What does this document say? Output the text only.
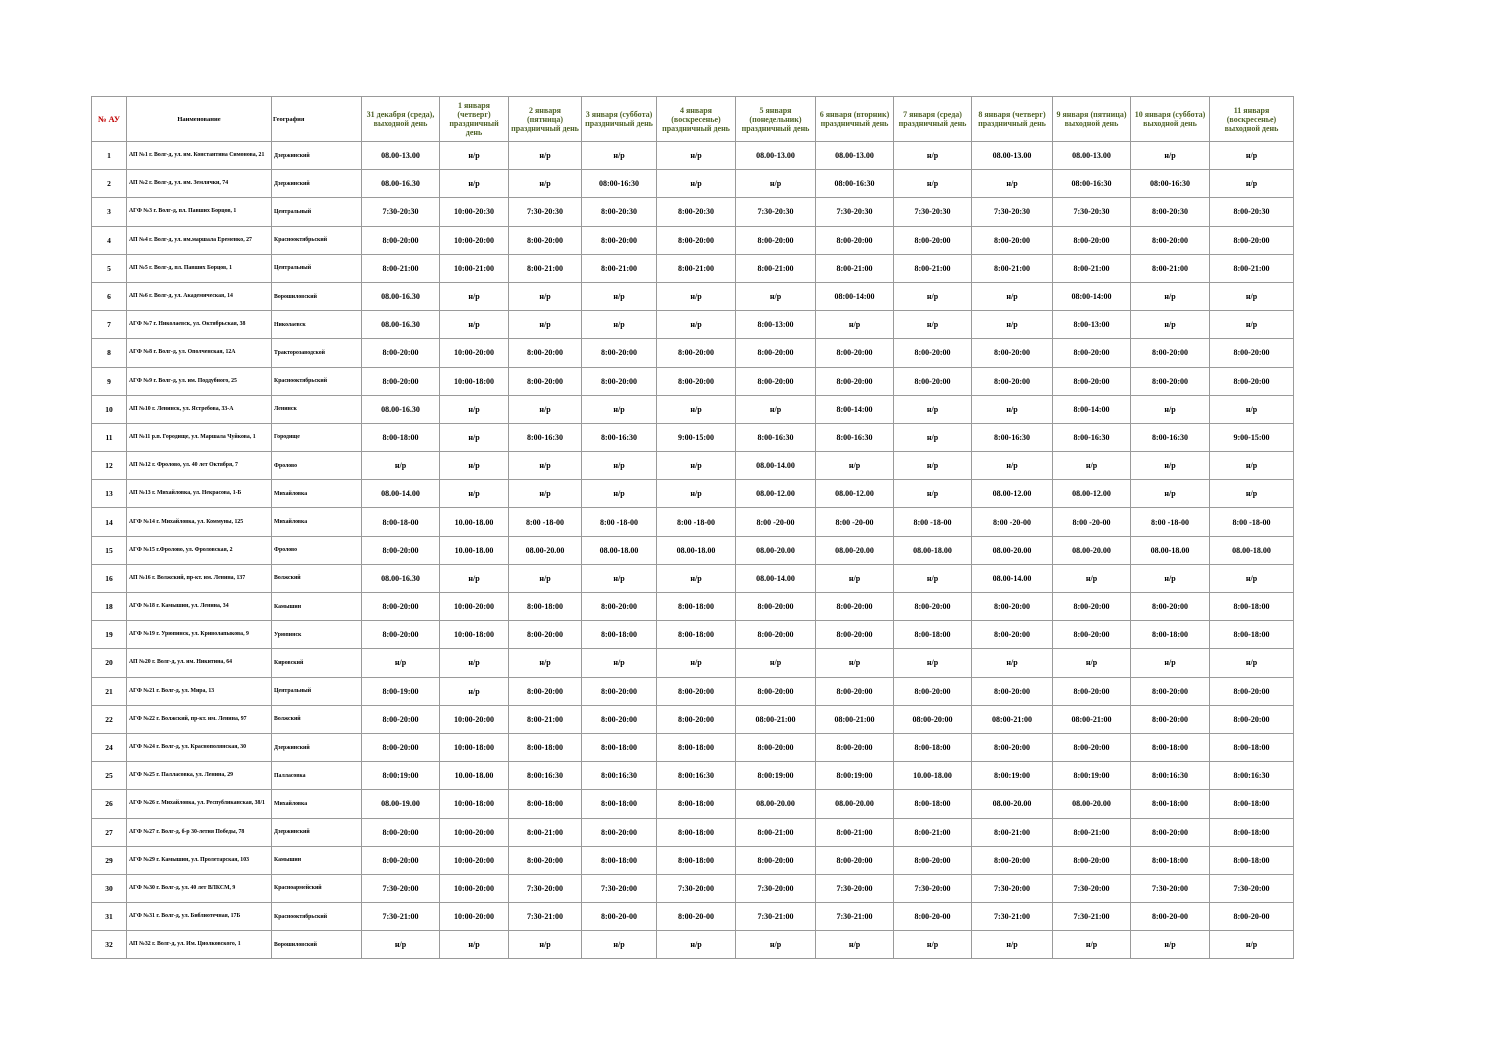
№ АУ	Наименование	География	31 декабря (среда), выходной день	1 января (четверг) праздничный день	2 января (пятница) праздничный день	3 января (суббота) праздничный день	4 января (воскресенье) праздничный день	5 января (понедельник) праздничный день	6 января (вторник) праздничный день	7 января (среда) праздничный день	8 января (четверг) праздничный день	9 января (пятница) выходной день	10 января (суббота) выходной день	11 января (воскресенье) выходной день
1	АП №1 г. Волг-д, ул. им. Константина Симонова, 21	Дзержинский	08.00-13.00	н/р	н/р	н/р	н/р	08.00-13.00	08.00-13.00	н/р	08.00-13.00	08.00-13.00	н/р	н/р
2	АП №2 г. Волг-д, ул. им. Землячки, 74	Дзержинский	08.00-16.30	н/р	н/р	08:00-16:30	н/р	н/р	08:00-16:30	н/р	н/р	08:00-16:30	08:00-16:30	н/р
3	АГФ №3 г. Волг-д, пл. Павших Борцов, 1	Центральный	7:30-20:30	10:00-20:30	7:30-20:30	8:00-20:30	8:00-20:30	7:30-20:30	7:30-20:30	7:30-20:30	7:30-20:30	7:30-20:30	8:00-20:30	8:00-20:30
4	АП №4 г. Волг-д, ул. им.маршала Еременко, 27	Краснооктябрьский	8:00-20:00	10:00-20:00	8:00-20:00	8:00-20:00	8:00-20:00	8:00-20:00	8:00-20:00	8:00-20:00	8:00-20:00	8:00-20:00	8:00-20:00	8:00-20:00
5	АП №5 г. Волг-д, пл. Павших Борцов, 1	Центральный	8:00-21:00	10:00-21:00	8:00-21:00	8:00-21:00	8:00-21:00	8:00-21:00	8:00-21:00	8:00-21:00	8:00-21:00	8:00-21:00	8:00-21:00	8:00-21:00
6	АП №6 г. Волг-д, ул. Академическая, 14	Ворошиловский	08.00-16.30	н/р	н/р	н/р	н/р	н/р	08:00-14:00	н/р	н/р	08:00-14:00	н/р	н/р
7	АГФ №7 г. Николаевск, ул. Октябрьская, 38	Николаевск	08.00-16.30	н/р	н/р	н/р	н/р	8:00-13:00	н/р	н/р	н/р	8:00-13:00	н/р	н/р
8	АГФ №8 г. Волг-д, ул. Ополченская, 12А	Тракторозаводской	8:00-20:00	10:00-20:00	8:00-20:00	8:00-20:00	8:00-20:00	8:00-20:00	8:00-20:00	8:00-20:00	8:00-20:00	8:00-20:00	8:00-20:00	8:00-20:00
9	АГФ №9 г. Волг-д, ул. им. Поддубного, 25	Краснооктябрьский	8:00-20:00	10:00-18:00	8:00-20:00	8:00-20:00	8:00-20:00	8:00-20:00	8:00-20:00	8:00-20:00	8:00-20:00	8:00-20:00	8:00-20:00	8:00-20:00
10	АП №10 г. Ленинск, ул. Ястребова, 33-А	Ленинск	08.00-16.30	н/р	н/р	н/р	н/р	н/р	8:00-14:00	н/р	н/р	8:00-14:00	н/р	н/р
11	АП №11 р.п. Городище, ул. Маршала Чуйкова, 1	Городище	8:00-18:00	н/р	8:00-16:30	8:00-16:30	9:00-15:00	8:00-16:30	8:00-16:30	н/р	8:00-16:30	8:00-16:30	8:00-16:30	9:00-15:00
12	АП №12 г. Фролово, ул. 40 лет Октября, 7	Фролово	н/р	н/р	н/р	н/р	н/р	08.00-14.00	н/р	н/р	н/р	н/р	н/р	н/р
13	АП №13 г. Михайловка, ул. Некрасова, 1-Б	Михайловка	08.00-14.00	н/р	н/р	н/р	н/р	08.00-12.00	08.00-12.00	н/р	08.00-12.00	08.00-12.00	н/р	н/р
14	АГФ №14 г. Михайловка, ул. Коммуны, 125	Михайловка	8:00-18-00	10.00-18.00	8:00 -18-00	8:00 -18-00	8:00 -18-00	8:00 -20-00	8:00 -20-00	8:00 -18-00	8:00 -20-00	8:00 -20-00	8:00 -18-00	8:00 -18-00
15	АГФ №15 г.Фролово, ул. Фроловская, 2	Фролово	8:00-20:00	10.00-18.00	08.00-20.00	08.00-18.00	08.00-18.00	08.00-20.00	08.00-20.00	08.00-18.00	08.00-20.00	08.00-20.00	08.00-18.00	08.00-18.00
16	АП №16 г. Волжский, пр-кт. им. Ленина, 137	Волжский	08.00-16.30	н/р	н/р	н/р	н/р	08.00-14.00	н/р	н/р	08.00-14.00	н/р	н/р	н/р
18	АГФ №18 г. Камышин, ул. Ленина, 34	Камышин	8:00-20:00	10:00-20:00	8:00-18:00	8:00-20:00	8:00-18:00	8:00-20:00	8:00-20:00	8:00-20:00	8:00-20:00	8:00-20:00	8:00-20:00	8:00-18:00
19	АГФ №19 г. Урюпинск, ул. Криволапыкова, 9	Урюпинск	8:00-20:00	10:00-18:00	8:00-20:00	8:00-18:00	8:00-18:00	8:00-20:00	8:00-20:00	8:00-18:00	8:00-20:00	8:00-20:00	8:00-18:00	8:00-18:00
20	АП №20 г. Волг-д, ул. им. Никитина, 64	Кировский	н/р	н/р	н/р	н/р	н/р	н/р	н/р	н/р	н/р	н/р	н/р	н/р
21	АГФ №21 г. Волг-д, ул. Мира, 13	Центральный	8:00-19:00	н/р	8:00-20:00	8:00-20:00	8:00-20:00	8:00-20:00	8:00-20:00	8:00-20:00	8:00-20:00	8:00-20:00	8:00-20:00	8:00-20:00
22	АГФ №22 г. Волжский, пр-кт. им. Ленина, 97	Волжский	8:00-20:00	10:00-20:00	8:00-21:00	8:00-20:00	8:00-20:00	08:00-21:00	08:00-21:00	08:00-20:00	08:00-21:00	08:00-21:00	8:00-20:00	8:00-20:00
24	АГФ №24 г. Волг-д, ул. Краснополянская, 30	Дзержинский	8:00-20:00	10:00-18:00	8:00-18:00	8:00-18:00	8:00-18:00	8:00-20:00	8:00-20:00	8:00-18:00	8:00-20:00	8:00-20:00	8:00-18:00	8:00-18:00
25	АГФ №25 г. Палласовка, ул. Ленина, 29	Палласовка	8:00:19:00	10.00-18.00	8:00:16:30	8:00:16:30	8:00:16:30	8:00:19:00	8:00:19:00	10.00-18.00	8:00:19:00	8:00:19:00	8:00:16:30	8:00:16:30
26	АГФ №26 г. Михайловка, ул. Республиканская, 38/1	Михайловка	08.00-19.00	10:00-18:00	8:00-18:00	8:00-18:00	8:00-18:00	08.00-20.00	08.00-20.00	8:00-18:00	08.00-20.00	08.00-20.00	8:00-18:00	8:00-18:00
27	АГФ №27 г. Волг-д, б-р 30-летия Победы, 78	Дзержинский	8:00-20:00	10:00-20:00	8:00-21:00	8:00-20:00	8:00-18:00	8:00-21:00	8:00-21:00	8:00-21:00	8:00-21:00	8:00-21:00	8:00-20:00	8:00-18:00
29	АГФ №29 г. Камышин, ул. Пролетарская, 103	Камышин	8:00-20:00	10:00-20:00	8:00-20:00	8:00-18:00	8:00-18:00	8:00-20:00	8:00-20:00	8:00-20:00	8:00-20:00	8:00-20:00	8:00-18:00	8:00-18:00
30	АГФ №30 г. Волг-д, ул. 40 лет ВЛКСМ, 9	Красноармейский	7:30-20:00	10:00-20:00	7:30-20:00	7:30-20:00	7:30-20:00	7:30-20:00	7:30-20:00	7:30-20:00	7:30-20:00	7:30-20:00	7:30-20:00	7:30-20:00
31	АГФ №31 г. Волг-д, ул. Библиотечная, 17Б	Краснооктябрьский	7:30-21:00	10:00-20:00	7:30-21:00	8:00-20-00	8:00-20-00	7:30-21:00	7:30-21:00	8:00-20-00	7:30-21:00	7:30-21:00	8:00-20-00	8:00-20-00
32	АП №32 г. Волг-д, ул. Им. Циолковского, 1	Ворошиловский	н/р	н/р	н/р	н/р	н/р	н/р	н/р	н/р	н/р	н/р	н/р	н/р
